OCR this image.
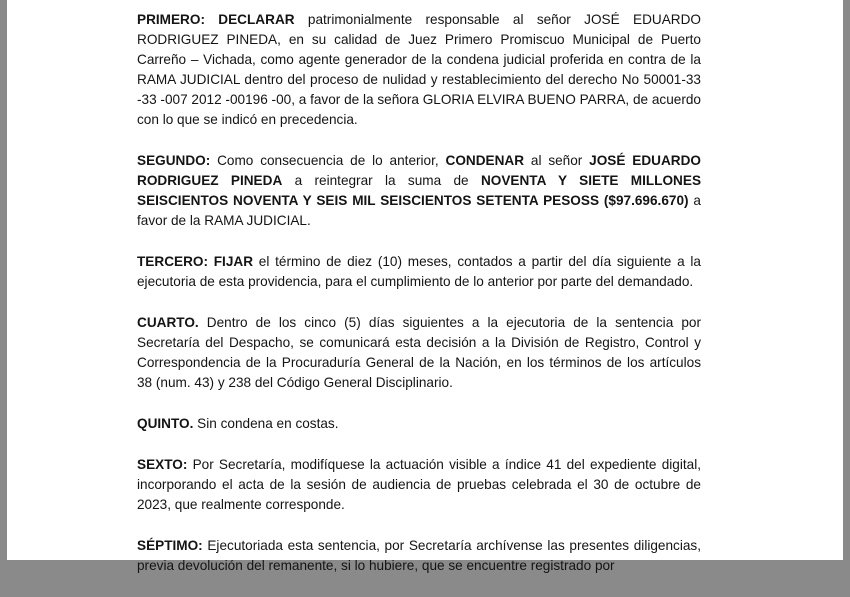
PRIMERO: DECLARAR patrimonialmente responsable al señor JOSÉ EDUARDO RODRIGUEZ PINEDA, en su calidad de Juez Primero Promiscuo Municipal de Puerto Carreño – Vichada, como agente generador de la condena judicial proferida en contra de la RAMA JUDICIAL dentro del proceso de nulidad y restablecimiento del derecho No 50001-33 -33 -007 2012 -00196 -00, a favor de la señora GLORIA ELVIRA BUENO PARRA, de acuerdo con lo que se indicó en precedencia.

SEGUNDO: Como consecuencia de lo anterior, CONDENAR al señor JOSÉ EDUARDO RODRIGUEZ PINEDA a reintegrar la suma de NOVENTA Y SIETE MILLONES SEISCIENTOS NOVENTA Y SEIS MIL SEISCIENTOS SETENTA PESOSS ($97.696.670) a favor de la RAMA JUDICIAL.

TERCERO: FIJAR el término de diez (10) meses, contados a partir del día siguiente a la ejecutoria de esta providencia, para el cumplimiento de lo anterior por parte del demandado.

CUARTO. Dentro de los cinco (5) días siguientes a la ejecutoria de la sentencia por Secretaría del Despacho, se comunicará esta decisión a la División de Registro, Control y Correspondencia de la Procuraduría General de la Nación, en los términos de los artículos 38 (num. 43) y 238 del Código General Disciplinario.

QUINTO. Sin condena en costas.

SEXTO: Por Secretaría, modifíquese la actuación visible a índice 41 del expediente digital, incorporando el acta de la sesión de audiencia de pruebas celebrada el 30 de octubre de 2023, que realmente corresponde.

SÉPTIMO: Ejecutoriada esta sentencia, por Secretaría archívense las presentes diligencias, previa devolución del remanente, si lo hubiere, que se encuentre registrado por
